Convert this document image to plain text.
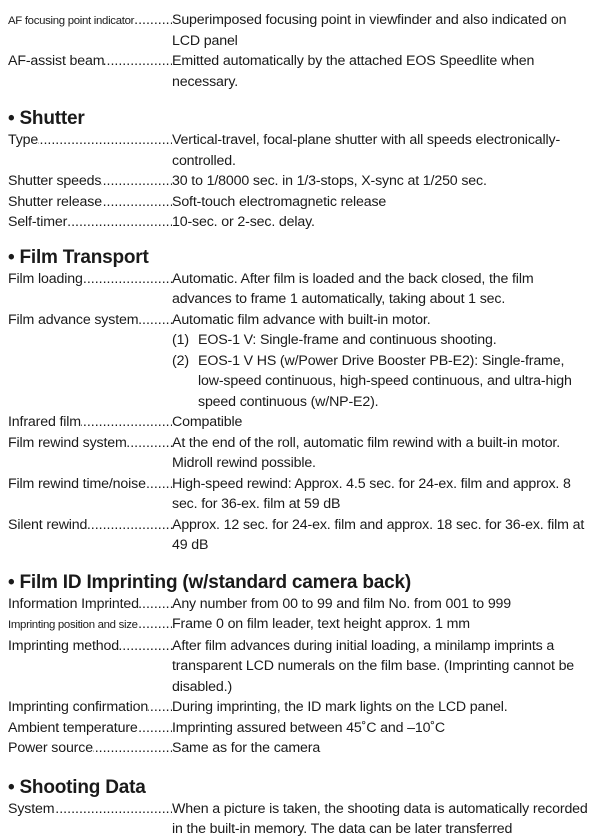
AF focusing point indicator .....	Superimposed focusing point in viewfinder and also indicated on LCD panel
AF-assist beam .....	Emitted automatically by the attached EOS Speedlite when necessary.
• Shutter
Type .....	Vertical-travel, focal-plane shutter with all speeds electronically-controlled.
Shutter speeds .....	30 to 1/8000 sec. in 1/3-stops, X-sync at 1/250 sec.
Shutter release .....	Soft-touch electromagnetic release
Self-timer .....	10-sec. or 2-sec. delay.
• Film Transport
Film loading .....	Automatic. After film is loaded and the back closed, the film advances to frame 1 automatically, taking about 1 sec.
Film advance system .....	Automatic film advance with built-in motor.
(1) EOS-1 V: Single-frame and continuous shooting.
(2) EOS-1 V HS (w/Power Drive Booster PB-E2): Single-frame, low-speed continuous, high-speed continuous, and ultra-high speed continuous (w/NP-E2).
Infrared film .....	Compatible
Film rewind system .....	At the end of the roll, automatic film rewind with a built-in motor. Midroll rewind possible.
Film rewind time/noise .....	High-speed rewind: Approx. 4.5 sec. for 24-ex. film and approx. 8 sec. for 36-ex. film at 59 dB
Silent rewind .....	Approx. 12 sec. for 24-ex. film and approx. 18 sec. for 36-ex. film at 49 dB
• Film ID Imprinting (w/standard camera back)
Information Imprinted .....	Any number from 00 to 99 and film No. from 001 to 999
Imprinting position and size .....	Frame 0 on film leader, text height approx. 1 mm
Imprinting method .....	After film advances during initial loading, a minilamp imprints a transparent LCD numerals on the film base. (Imprinting cannot be disabled.)
Imprinting confirmation .....	During imprinting, the ID mark lights on the LCD panel.
Ambient temperature .....	Imprinting assured between 45˚C and –10˚C
Power source .....	Same as for the camera
• Shooting Data
System .....	When a picture is taken, the shooting data is automatically recorded in the built-in memory. The data can be later transferred
